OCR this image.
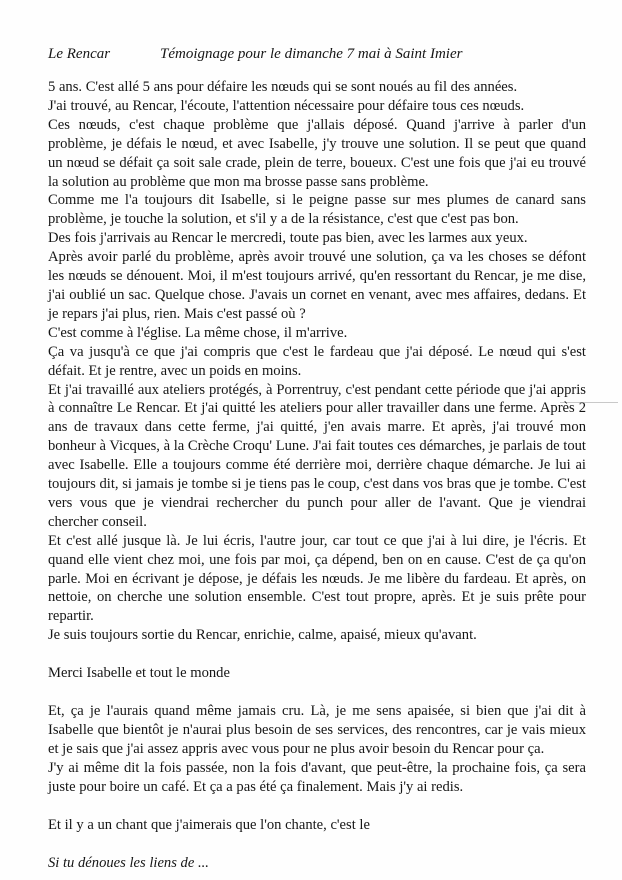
Le Rencar	Témoignage pour le dimanche 7 mai à Saint Imier

5 ans. C'est allé 5 ans pour défaire les nœuds qui se sont noués au fil des années.

J'ai trouvé, au Rencar, l'écoute, l'attention nécessaire pour défaire tous ces nœuds.

Ces nœuds, c'est chaque problème que j'allais déposé. Quand j'arrive à parler d'un problème, je défais le nœud, et avec Isabelle, j'y trouve une solution. Il se peut que quand un nœud se défait ça soit sale crade, plein de terre, boueux. C'est une fois que j'ai eu trouvé la solution au problème que mon ma brosse passe sans problème.

Comme me l'a toujours dit Isabelle, si le peigne passe sur mes plumes de canard sans problème, je touche la solution, et s'il y a de la résistance, c'est que c'est pas bon.

Des fois j'arrivais au Rencar le mercredi, toute pas bien, avec les larmes aux yeux.

Après avoir parlé du problème, après avoir trouvé une solution, ça va les choses se défont les nœuds se dénouent. Moi, il m'est toujours arrivé, qu'en ressortant du Rencar, je me dise, j'ai oublié un sac. Quelque chose. J'avais un cornet en venant, avec mes affaires, dedans. Et je repars j'ai plus, rien. Mais c'est passé où ?

C'est comme à l'église. La même chose, il m'arrive.

Ça va jusqu'à ce que j'ai compris que c'est le fardeau que j'ai déposé. Le nœud qui s'est défait. Et je rentre, avec un poids en moins.

Et j'ai travaillé aux ateliers protégés, à Porrentruy, c'est pendant cette période que j'ai appris à connaître Le Rencar. Et j'ai quitté les ateliers pour aller travailler dans une ferme. Après 2 ans de travaux dans cette ferme, j'ai quitté, j'en avais marre. Et après, j'ai trouvé mon bonheur à Vicques, à la Crèche Croqu' Lune. J'ai fait toutes ces démarches, je parlais de tout avec Isabelle. Elle a toujours comme été derrière moi, derrière chaque démarche. Je lui ai toujours dit, si jamais je tombe si je tiens pas le coup, c'est dans vos bras que je tombe. C'est vers vous que je viendrai rechercher du punch pour aller de l'avant. Que je viendrai chercher conseil.

Et c'est allé jusque là. Je lui écris, l'autre jour, car tout ce que j'ai à lui dire, je l'écris. Et quand elle vient chez moi, une fois par moi, ça dépend, ben on en cause. C'est de ça qu'on parle. Moi en écrivant je dépose, je défais les nœuds. Je me libère du fardeau. Et après, on nettoie, on cherche une solution ensemble. C'est tout propre, après. Et je suis prête pour repartir.

Je suis toujours sortie du Rencar, enrichie, calme, apaisé, mieux qu'avant.

Merci Isabelle et tout le monde

Et, ça je l'aurais quand même jamais cru. Là, je me sens apaisée, si bien que j'ai dit à Isabelle que bientôt je n'aurai plus besoin de ses services, des rencontres, car je vais mieux et je sais que j'ai assez appris avec vous pour ne plus avoir besoin du Rencar pour ça.

J'y ai même dit la fois passée, non la fois d'avant, que peut-être, la prochaine fois, ça sera juste pour boire un café. Et ça a pas été ça finalement. Mais j'y ai redis.

Et il y a un chant que j'aimerais que l'on chante, c'est le

Si tu dénoues les liens de ...
